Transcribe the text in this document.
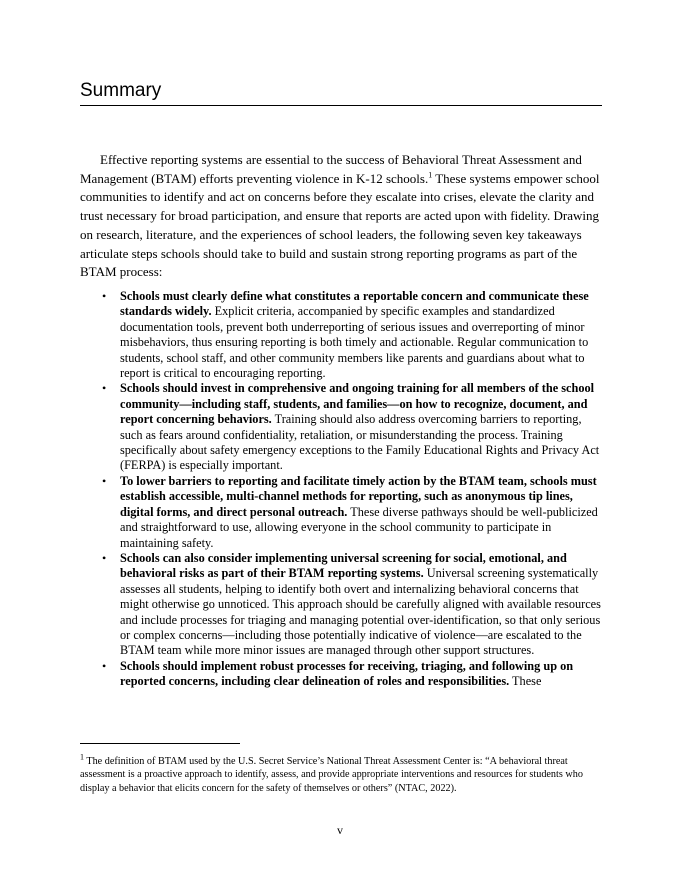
Summary

Effective reporting systems are essential to the success of Behavioral Threat Assessment and Management (BTAM) efforts preventing violence in K-12 schools.$^1$ These systems empower school communities to identify and act on concerns before they escalate into crises, elevate the clarity and trust necessary for broad participation, and ensure that reports are acted upon with fidelity. Drawing on research, literature, and the experiences of school leaders, the following seven key takeaways articulate steps schools should take to build and sustain strong reporting programs as part of the BTAM process:

• Schools must clearly define what constitutes a reportable concern and communicate these standards widely. Explicit criteria, accompanied by specific examples and standardized documentation tools, prevent both underreporting of serious issues and overreporting of minor misbehaviors, thus ensuring reporting is both timely and actionable. Regular communication to students, school staff, and other community members like parents and guardians about what to report is critical to encouraging reporting.
• Schools should invest in comprehensive and ongoing training for all members of the school community—including staff, students, and families—on how to recognize, document, and report concerning behaviors. Training should also address overcoming barriers to reporting, such as fears around confidentiality, retaliation, or misunderstanding the process. Training specifically about safety emergency exceptions to the Family Educational Rights and Privacy Act (FERPA) is especially important.
• To lower barriers to reporting and facilitate timely action by the BTAM team, schools must establish accessible, multi-channel methods for reporting, such as anonymous tip lines, digital forms, and direct personal outreach. These diverse pathways should be well-publicized and straightforward to use, allowing everyone in the school community to participate in maintaining safety.
• Schools can also consider implementing universal screening for social, emotional, and behavioral risks as part of their BTAM reporting systems. Universal screening systematically assesses all students, helping to identify both overt and internalizing behavioral concerns that might otherwise go unnoticed. This approach should be carefully aligned with available resources and include processes for triaging and managing potential over-identification, so that only serious or complex concerns—including those potentially indicative of violence—are escalated to the BTAM team while more minor issues are managed through other support structures.
• Schools should implement robust processes for receiving, triaging, and following up on reported concerns, including clear delineation of roles and responsibilities. These

$^1$ The definition of BTAM used by the U.S. Secret Service’s National Threat Assessment Center is: “A behavioral threat assessment is a proactive approach to identify, assess, and provide appropriate interventions and resources for students who display a behavior that elicits concern for the safety of themselves or others” (NTAC, 2022).

v
